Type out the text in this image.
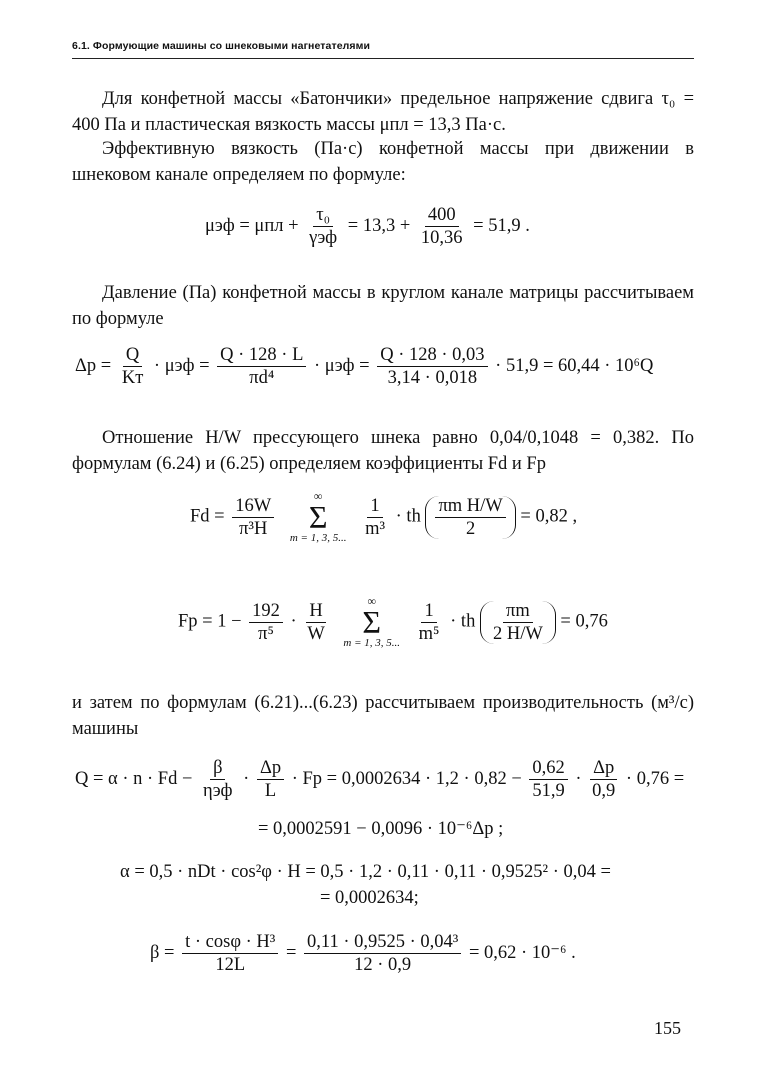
6.1. Формующие машины со шнековыми нагнетателями

Для конфетной массы «Батончики» предельное напряжение сдвига τ₀ = 400 Па и пластическая вязкость массы μпл = 13,3 Па·с.

Эффективную вязкость (Па·с) конфетной массы при движении в шнековом канале определяем по формуле:

$\mu эф = \mu пл + \frac{\text{τ₀}}{\text{γэф}} = 13,3 + \frac{400}{10,36} = 51,9$ .

Давление (Па) конфетной массы в круглом канале матрицы рассчитываем по формуле

$\Delta p = \frac{Q}{Kт} \cdot \mu эф = \frac{Q \cdot 128 \cdot L}{\text{πd⁴}} \cdot \mu эф = \frac{Q \cdot 128 \cdot 0,03}{3,14 \cdot 0,018} \cdot 51,9 = 60,44 \cdot 10^6Q$

Отношение H/W прессующего шнека равно 0,04/0,1048 = 0,382. По формулам (6.24) и (6.25) определяем коэффициенты Fd и Fp

$Fd = \frac{16W}{\text{π³H}}$
	∞
Σ
m = 1, 3, 5...
$\frac{1}{\text{m³}}$ · th $\frac{\text{πm H/W}}{2} = 0,82$ ,
$Fp = 1 - \frac{192}{\text{π⁵}} \cdot \frac{H}{W}$
	∞
Σ
m = 1, 3, 5...
$\frac{1}{\text{m⁵}}$ · th $\frac{\pi m}{2 H/W} = 0,76$

и затем по формулам (6.21)...(6.23) рассчитываем производительность (м³/с) машины

$Q = \alpha \cdot n \cdot Fd - \frac{\beta}{\text{ηэф}} \cdot \frac{\Delta p}{L} \cdot Fp = 0,0002634 \cdot 1,2 \cdot 0,82 - \frac{0,62}{51,9} \cdot \frac{\Delta p}{0,9} \cdot 0,76$ =
= 0,0002591 − 0,0096 · 10⁻⁶Δp ;
α = 0,5 · nDt · cos²φ · H = 0,5 · 1,2 · 0,11 · 0,11 · 0,9525² · 0,04 =
= 0,0002634;
$\beta = \frac{\text{t · cosφ · H³}}{12L} = \frac{\text{0,11 · 0,9525 · 0,04³}}{12 \cdot 0,9} = 0,62 \cdot 10^{-6}$ .
155
